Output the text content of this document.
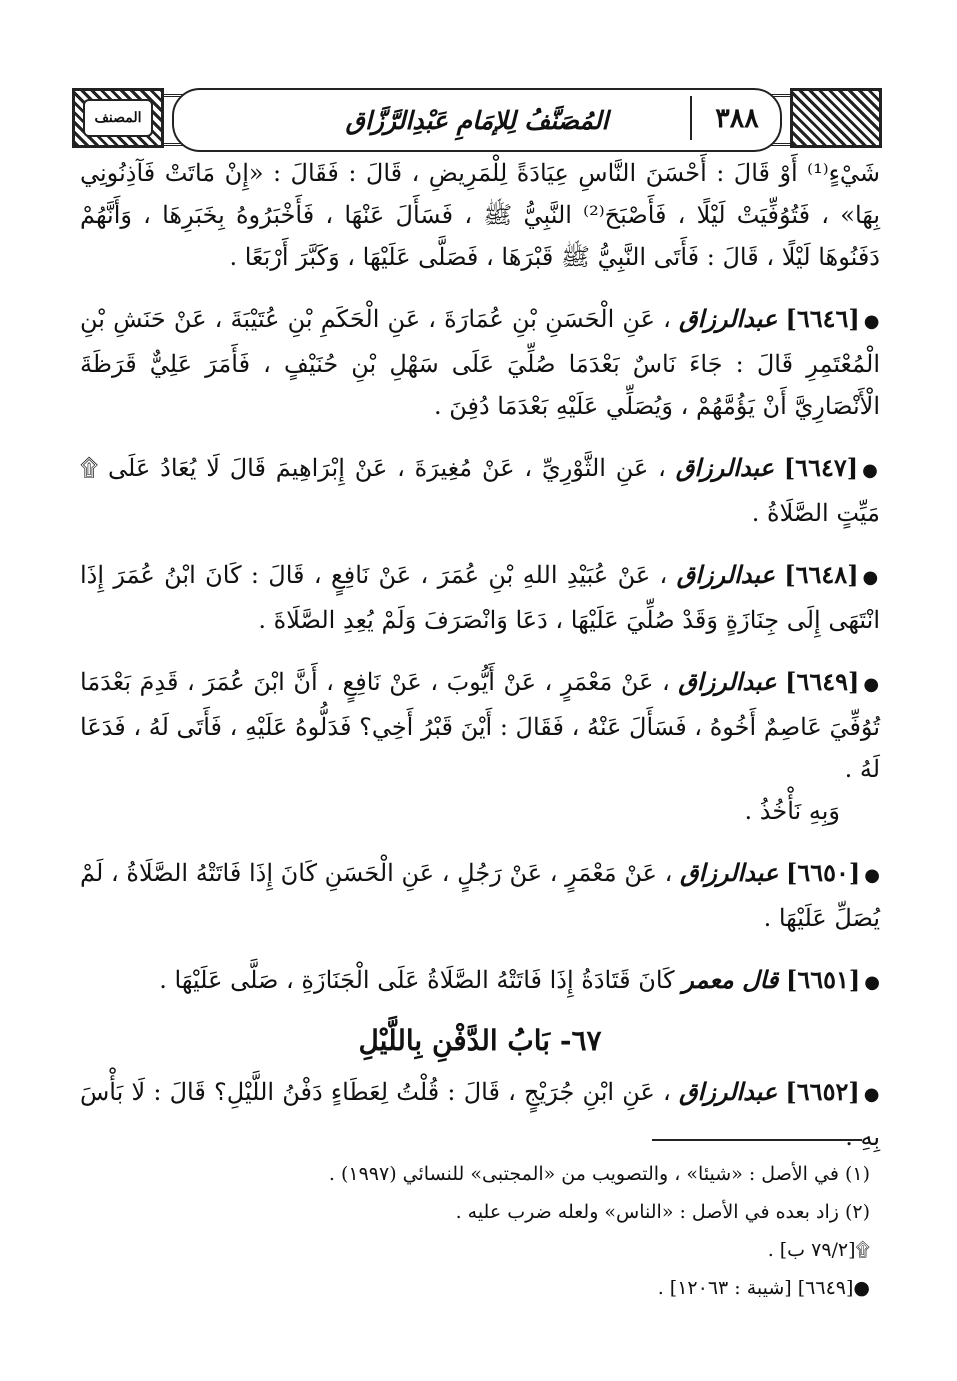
المصنف	المُصَنَّفُ لِلإمَامِ عَبْدِالرَّزَّاق	٣٨٨

شَيْءٍ⁽¹⁾ أَوْ قَالَ : أَحْسَنَ النَّاسِ عِيَادَةً لِلْمَرِيضِ ، قَالَ : فَقَالَ : «إِنْ مَاتَتْ فَآذِنُونِي بِهَا» ، فَتُوُفِّيَتْ لَيْلًا ، فَأَصْبَحَ⁽²⁾ النَّبِيُّ ﷺ ، فَسَأَلَ عَنْهَا ، فَأَخْبَرُوهُ بِخَبَرِهَا ، وَأَنَّهُمْ دَفَنُوهَا لَيْلًا ، قَالَ : فَأَتَى النَّبِيُّ ﷺ قَبْرَهَا ، فَصَلَّى عَلَيْهَا ، وَكَبَّرَ أَرْبَعًا .

●[٦٦٤٦] عبدالرزاق ، عَنِ الْحَسَنِ بْنِ عُمَارَةَ ، عَنِ الْحَكَمِ بْنِ عُتَيْبَةَ ، عَنْ حَنَشِ بْنِ الْمُعْتَمِرِ قَالَ : جَاءَ نَاسٌ بَعْدَمَا صُلِّيَ عَلَى سَهْلِ بْنِ حُنَيْفٍ ، فَأَمَرَ عَلِيٌّ قَرَظَةَ الْأَنْصَارِيَّ أَنْ يَؤُمَّهُمْ ، وَيُصَلِّي عَلَيْهِ بَعْدَمَا دُفِنَ .

●[٦٦٤٧] عبدالرزاق ، عَنِ الثَّوْرِيِّ ، عَنْ مُغِيرَةَ ، عَنْ إِبْرَاهِيمَ قَالَ لَا يُعَادُ عَلَى ۩ مَيِّتٍ الصَّلَاةُ .

●[٦٦٤٨] عبدالرزاق ، عَنْ عُبَيْدِ اللهِ بْنِ عُمَرَ ، عَنْ نَافِعٍ ، قَالَ : كَانَ ابْنُ عُمَرَ إِذَا انْتَهَى إِلَى جِنَازَةٍ وَقَدْ صُلِّيَ عَلَيْهَا ، دَعَا وَانْصَرَفَ وَلَمْ يُعِدِ الصَّلَاةَ .

●[٦٦٤٩] عبدالرزاق ، عَنْ مَعْمَرٍ ، عَنْ أَيُّوبَ ، عَنْ نَافِعٍ ، أَنَّ ابْنَ عُمَرَ ، قَدِمَ بَعْدَمَا تُوُفِّيَ عَاصِمٌ أَخُوهُ ، فَسَأَلَ عَنْهُ ، فَقَالَ : أَيْنَ قَبْرُ أَخِي؟ فَدَلُّوهُ عَلَيْهِ ، فَأَتَى لَهُ ، فَدَعَا لَهُ .
وَبِهِ نَأْخُذُ .

●[٦٦٥٠] عبدالرزاق ، عَنْ مَعْمَرٍ ، عَنْ رَجُلٍ ، عَنِ الْحَسَنِ كَانَ إِذَا فَاتَتْهُ الصَّلَاةُ ، لَمْ يُصَلِّ عَلَيْهَا .

●[٦٦٥١] قال معمر كَانَ قَتَادَةُ إِذَا فَاتَتْهُ الصَّلَاةُ عَلَى الْجَنَازَةِ ، صَلَّى عَلَيْهَا .

٦٧- بَابُ الدَّفْنِ بِاللَّيْلِ

●[٦٦٥٢] عبدالرزاق ، عَنِ ابْنِ جُرَيْجٍ ، قَالَ : قُلْتُ لِعَطَاءٍ دَفْنُ اللَّيْلِ؟ قَالَ : لَا بَأْسَ بِهِ .

(١) في الأصل : «شيئا» ، والتصويب من «المجتبى» للنسائي (١٩٩٧) .
(٢) زاد بعده في الأصل : «الناس» ولعله ضرب عليه .
۩[٧٩/٢ ب] .
●[٦٦٤٩] [شيبة : ١٢٠٦٣] .
